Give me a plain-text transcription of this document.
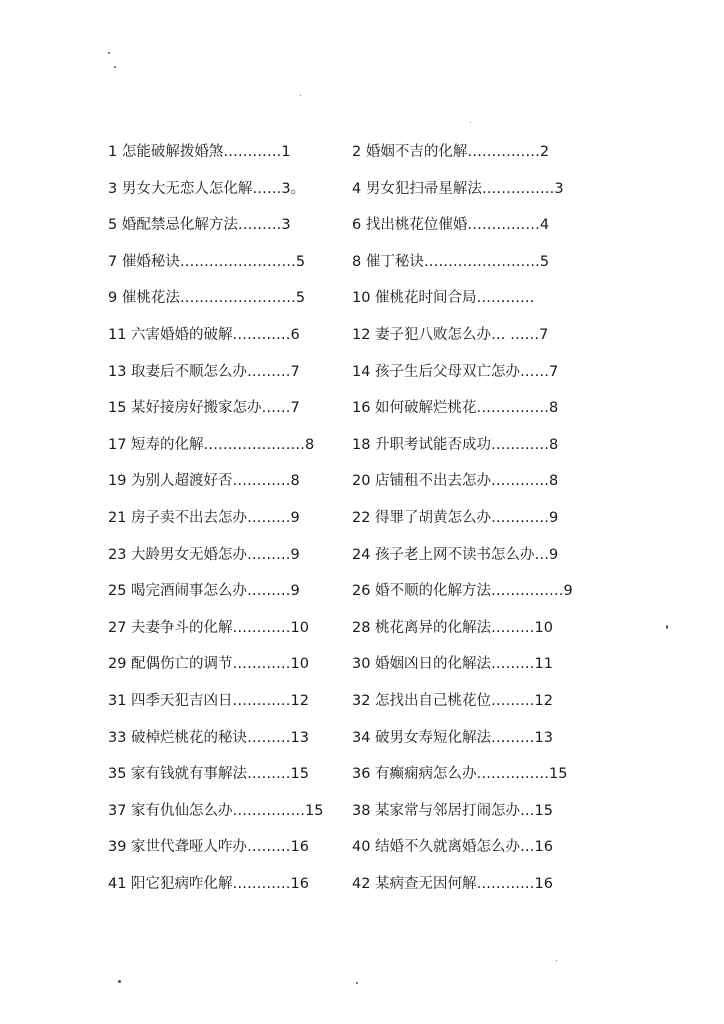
1 怎能破解拨婚煞…………1	2 婚姻不吉的化解……………2
3 男女大无恋人怎化解……3。	4 男女犯扫帚星解法……………3
5 婚配禁忌化解方法………3	6 找出桃花位催婚……………4
7 催婚秘诀……………………5	8 催丁秘诀……………………5
9 催桃花法……………………5	10 催桃花时间合局…………
11 六害婚婚的破解…………6	12 妻子犯八败怎么办… ……7
13 取妻后不顺怎么办………7	14 孩子生后父母双亡怎办……7
15 某好接房好搬家怎办……7	16 如何破解烂桃花……………8
17 短寿的化解…………………8	18 升职考试能否成功…………8
19 为别人超渡好否…………8	20 店铺租不出去怎办…………8
21 房子卖不出去怎办………9	22 得罪了胡黄怎么办…………9
23 大龄男女无婚怎办………9	24 孩子老上网不读书怎么办…9
25 喝完酒闹事怎么办………9	26 婚不顺的化解方法……………9
27 夫妻争斗的化解…………10	28 桃花离异的化解法………10
29 配偶伤亡的调节…………10	30 婚姻凶日的化解法………11
31 四季天犯吉凶日…………12	32 怎找出自己桃花位………12
33 破棹烂桃花的秘诀………13	34 破男女寿短化解法………13
35 家有钱就有事解法………15	36 有癫痫病怎么办……………15
37 家有仇仙怎么办……………15	38 某家常与邻居打闹怎办…15
39 家世代聋哑人咋办………16	40 结婚不久就离婚怎么办…16
41 阳它犯病咋化解…………16	42 某病查无因何解…………16
